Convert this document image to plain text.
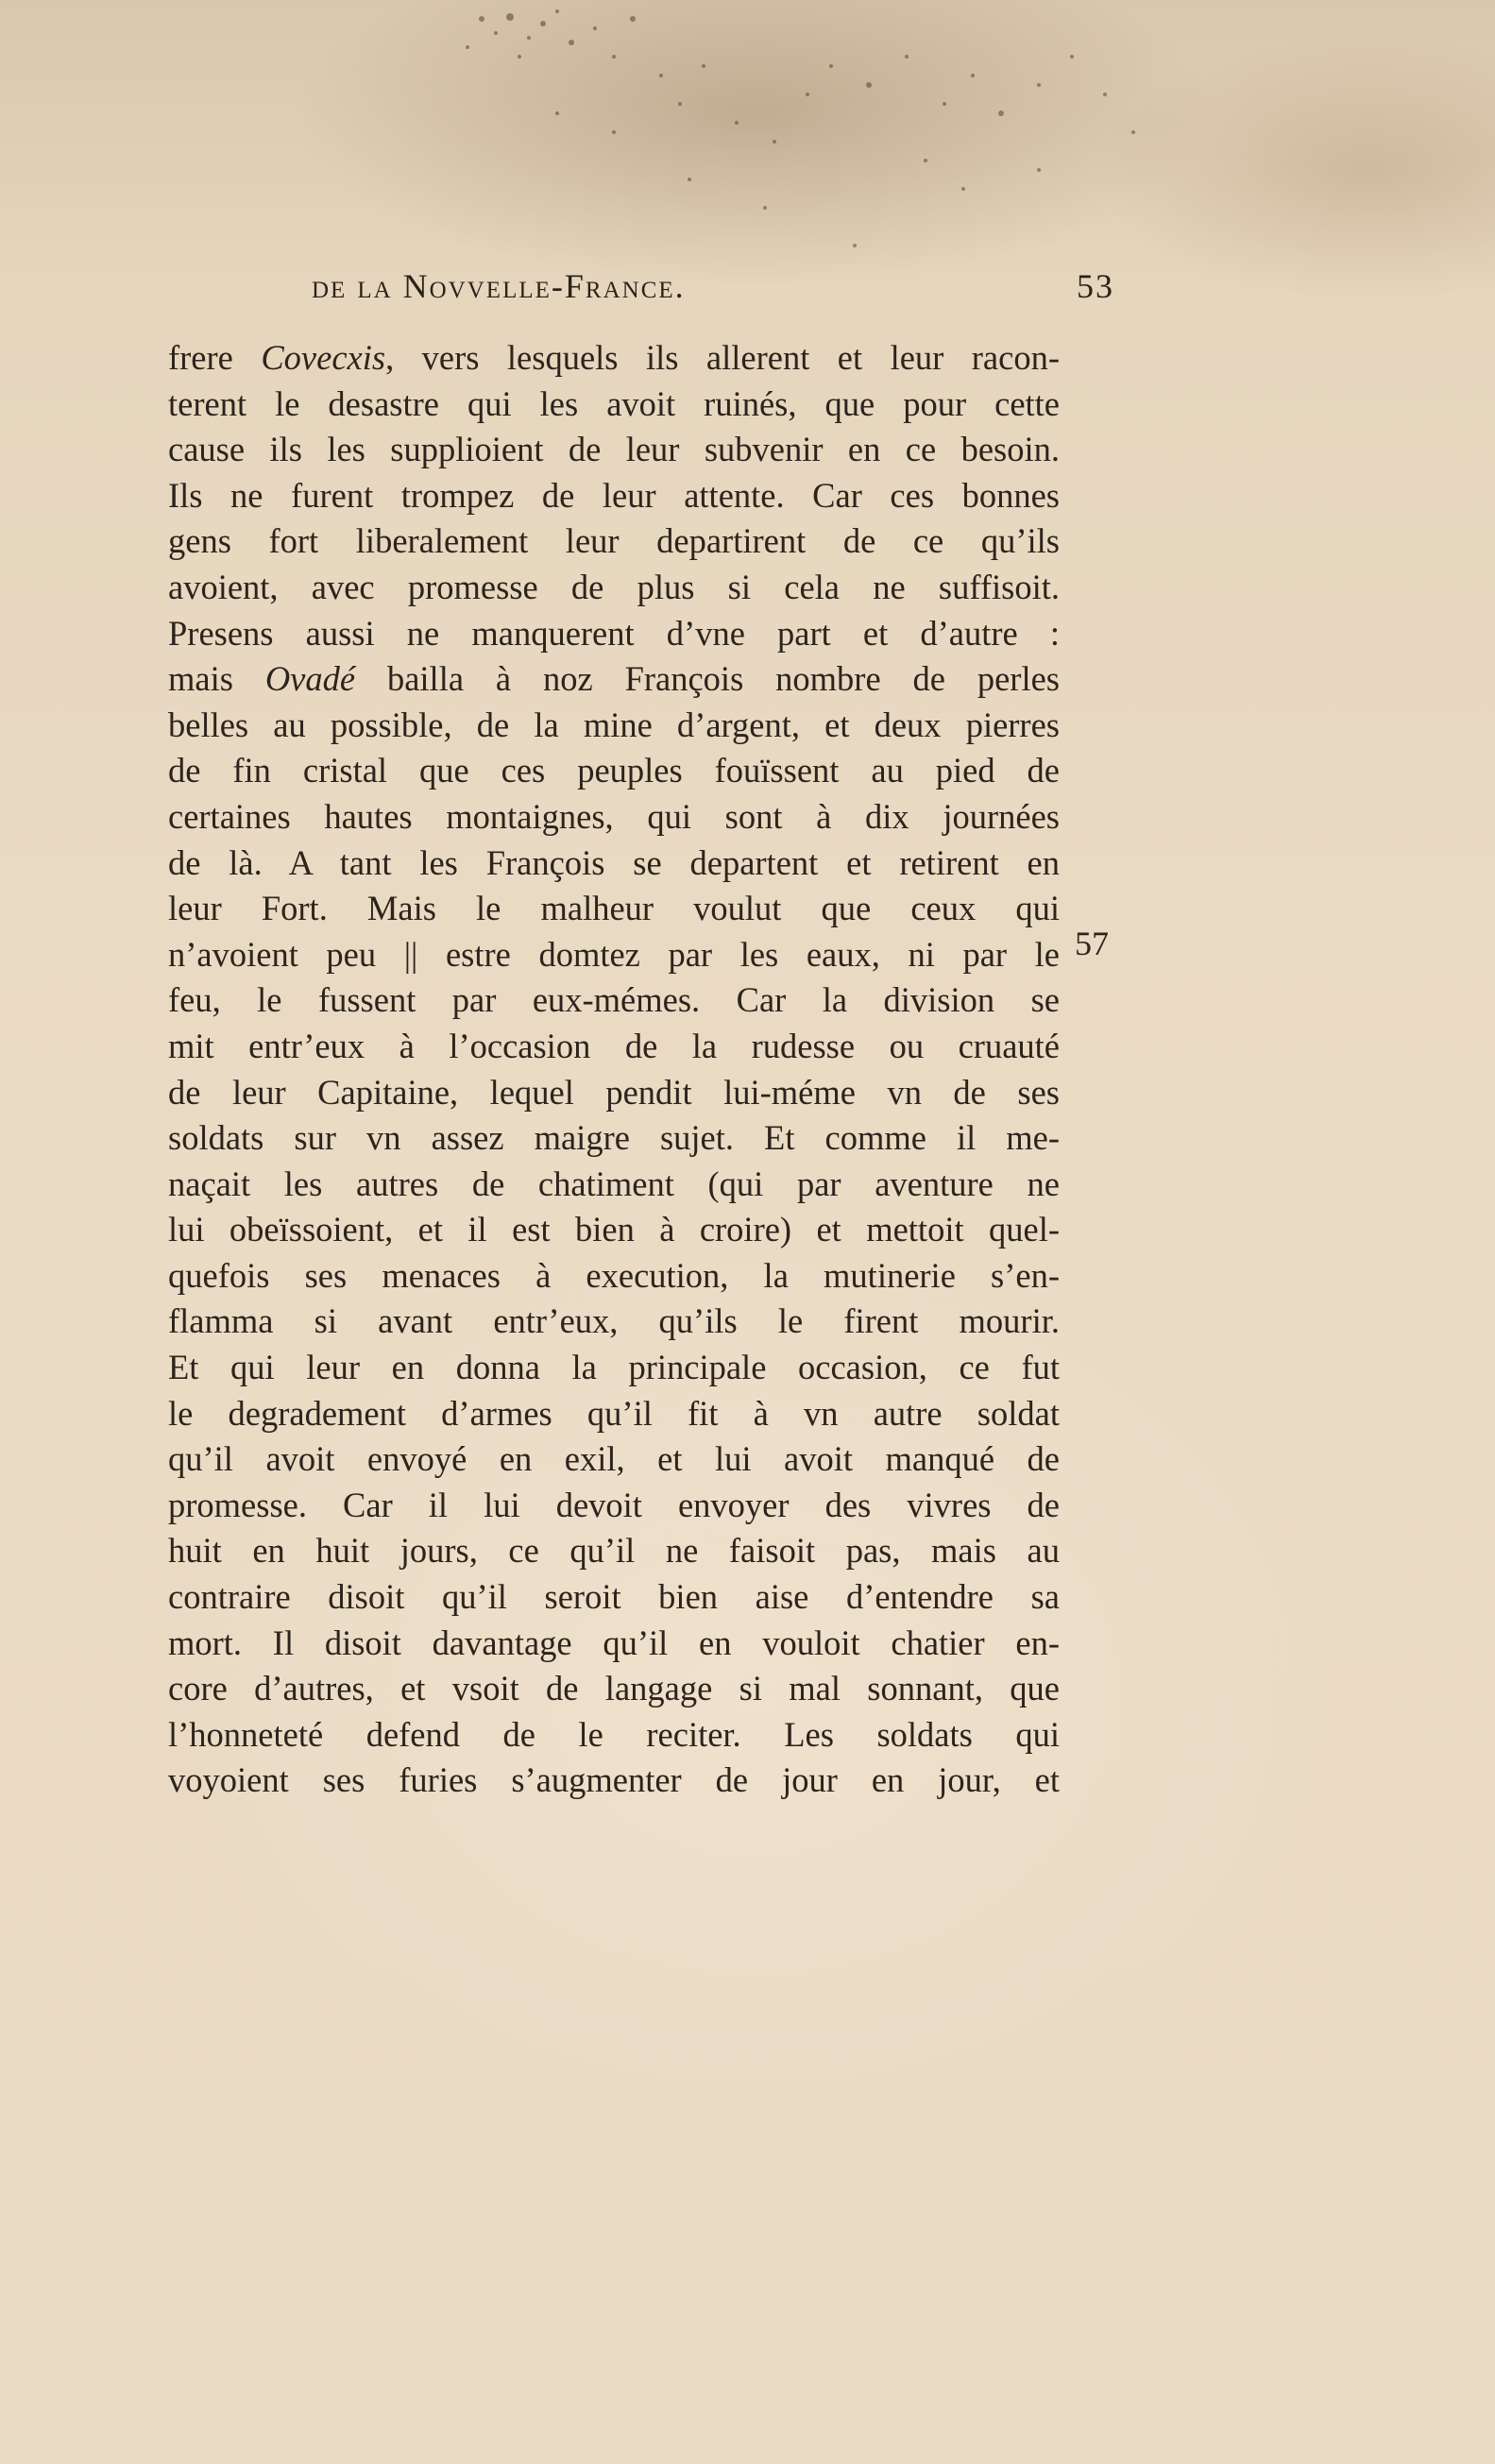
de la Novvelle-France.	53
frere Covecxis, vers lesquels ils allerent et leur racon-
terent le desastre qui les avoit ruinés, que pour cette
cause ils les supplioient de leur subvenir en ce besoin.
Ils ne furent trompez de leur attente. Car ces bonnes
gens fort liberalement leur departirent de ce qu’ils
avoient, avec promesse de plus si cela ne suffisoit.
Presens aussi ne manquerent d’vne part et d’autre :
mais Ovadé bailla à noz François nombre de perles
belles au possible, de la mine d’argent, et deux pierres
de fin cristal que ces peuples fouïssent au pied de
certaines hautes montaignes, qui sont à dix journées
de là. A tant les François se departent et retirent en
leur Fort. Mais le malheur voulut que ceux qui
n’avoient peu || estre domtez par les eaux, ni par le
feu, le fussent par eux-mémes. Car la division se
mit entr’eux à l’occasion de la rudesse ou cruauté
de leur Capitaine, lequel pendit lui-méme vn de ses
soldats sur vn assez maigre sujet. Et comme il me-
naçait les autres de chatiment (qui par aventure ne
lui obeïssoient, et il est bien à croire) et mettoit quel-
quefois ses menaces à execution, la mutinerie s’en-
flamma si avant entr’eux, qu’ils le firent mourir.
Et qui leur en donna la principale occasion, ce fut
le degradement d’armes qu’il fit à vn autre soldat
qu’il avoit envoyé en exil, et lui avoit manqué de
promesse. Car il lui devoit envoyer des vivres de
huit en huit jours, ce qu’il ne faisoit pas, mais au
contraire disoit qu’il seroit bien aise d’entendre sa
mort. Il disoit davantage qu’il en vouloit chatier en-
core d’autres, et vsoit de langage si mal sonnant, que
l’honneteté defend de le reciter. Les soldats qui
voyoient ses furies s’augmenter de jour en jour, et
57
